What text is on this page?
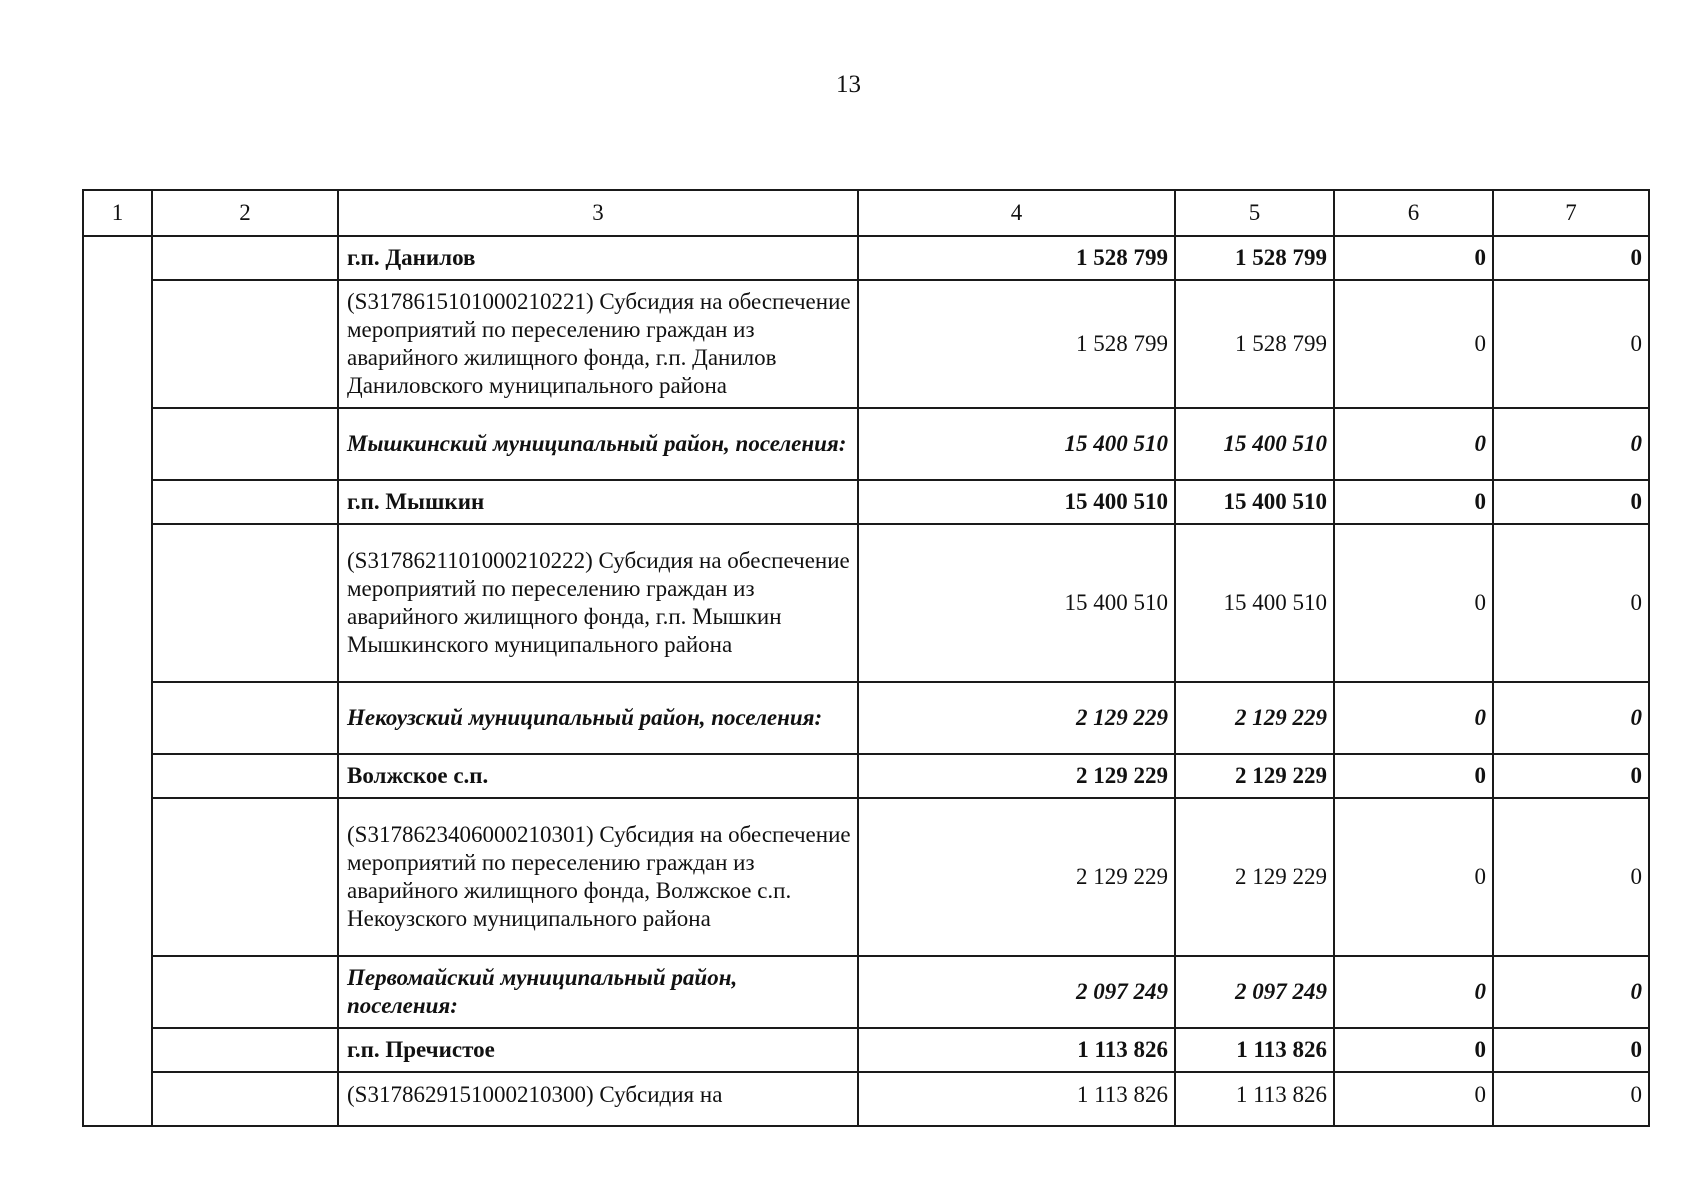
13
1	2	3	4	5	6	7
		г.п. Данилов	1 528 799	1 528 799	0	0
		(S3178615101000210221) Субсидия на обеспечение мероприятий по переселению граждан из аварийного жилищного фонда, г.п. Данилов Даниловского муниципального района	1 528 799	1 528 799	0	0
		Мышкинский муниципальный район, поселения:	15 400 510	15 400 510	0	0
		г.п. Мышкин	15 400 510	15 400 510	0	0
		(S3178621101000210222) Субсидия на обеспечение мероприятий по переселению граждан из аварийного жилищного фонда, г.п. Мышкин Мышкинского муниципального района	15 400 510	15 400 510	0	0
		Некоузский муниципальный район, поселения:	2 129 229	2 129 229	0	0
		Волжское с.п.	2 129 229	2 129 229	0	0
		(S3178623406000210301) Субсидия на обеспечение мероприятий по переселению граждан из аварийного жилищного фонда, Волжское с.п. Некоузского муниципального района	2 129 229	2 129 229	0	0
		Первомайский муниципальный район, поселения:	2 097 249	2 097 249	0	0
		г.п. Пречистое	1 113 826	1 113 826	0	0
		(S3178629151000210300) Субсидия на	1 113 826	1 113 826	0	0
